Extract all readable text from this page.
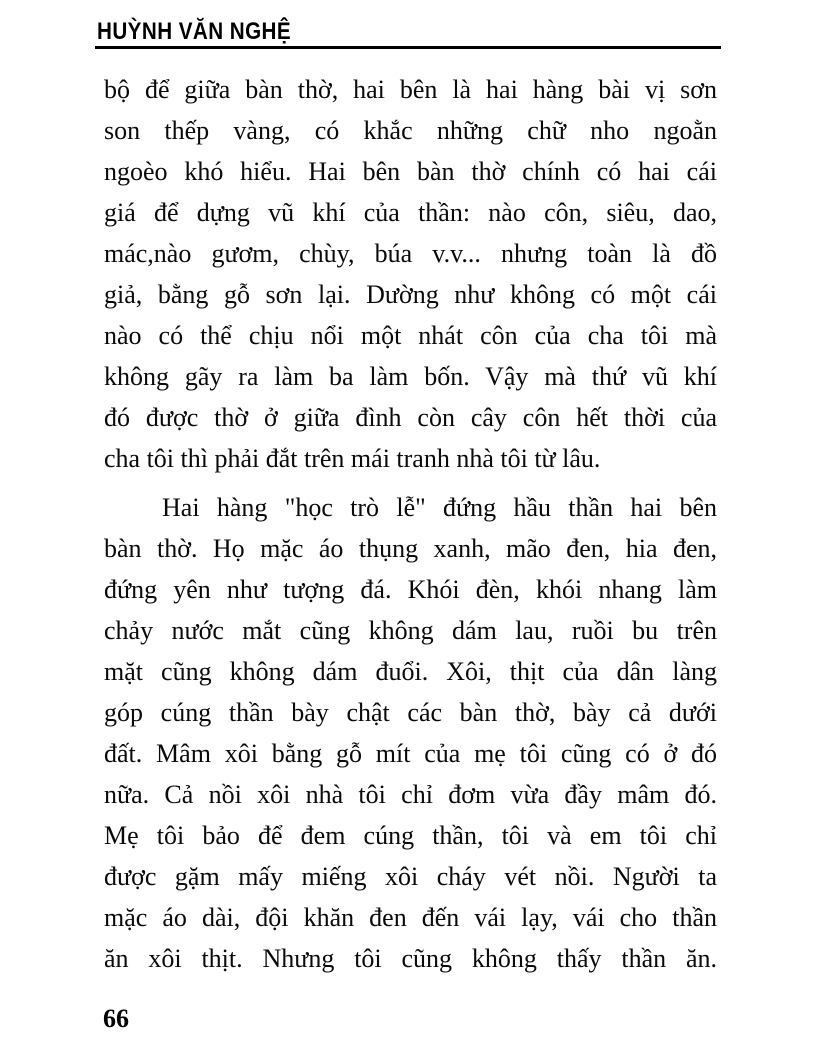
HUỲNH VĂN NGHỆ
bộ để giữa bàn thờ, hai bên là hai hàng bài vị sơn
son thếp vàng, có khắc những chữ nho ngoằn
ngoèo khó hiểu. Hai bên bàn thờ chính có hai cái
giá để dựng vũ khí của thần: nào côn, siêu, dao,
mác,nào gươm, chùy, búa v.v... nhưng toàn là đồ
giả, bằng gỗ sơn lại. Dường như không có một cái
nào có thể chịu nổi một nhát côn của cha tôi mà
không gãy ra làm ba làm bốn. Vậy mà thứ vũ khí
đó được thờ ở giữa đình còn cây côn hết thời của
cha tôi thì phải đắt trên mái tranh nhà tôi từ lâu.
Hai hàng "học trò lễ" đứng hầu thần hai bên
bàn thờ. Họ mặc áo thụng xanh, mão đen, hia đen,
đứng yên như tượng đá. Khói đèn, khói nhang làm
chảy nước mắt cũng không dám lau, ruồi bu trên
mặt cũng không dám đuổi. Xôi, thịt của dân làng
góp cúng thần bày chật các bàn thờ, bày cả dưới
đất. Mâm xôi bằng gỗ mít của mẹ tôi cũng có ở đó
nữa. Cả nồi xôi nhà tôi chỉ đơm vừa đầy mâm đó.
Mẹ tôi bảo để đem cúng thần, tôi và em tôi chỉ
được gặm mấy miếng xôi cháy vét nồi. Người ta
mặc áo dài, đội khăn đen đến vái lạy, vái cho thần
ăn xôi thịt. Nhưng tôi cũng không thấy thần ăn.
66
